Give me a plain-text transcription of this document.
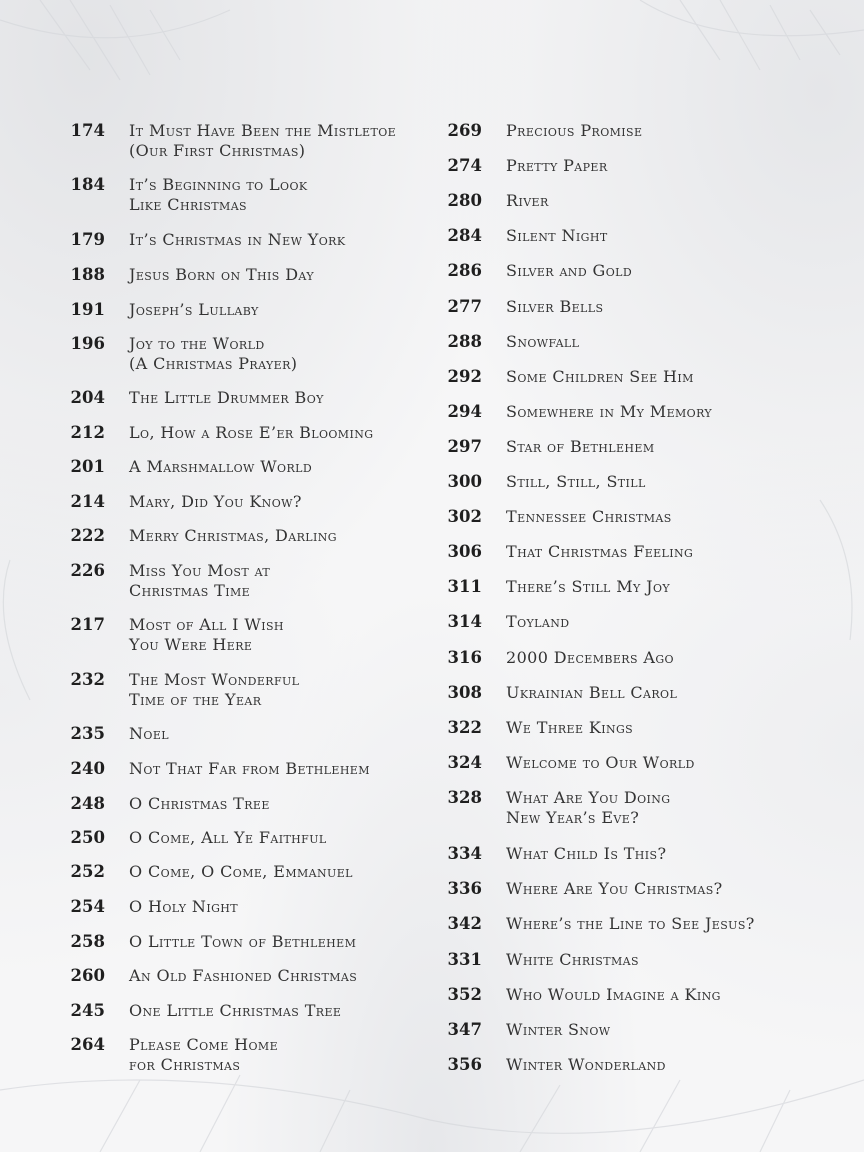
174 It Must Have Been the Mistletoe
(Our First Christmas)
184 It’s Beginning to Look
Like Christmas
179 It’s Christmas in New York
188 Jesus Born on This Day
191 Joseph’s Lullaby
196 Joy to the World
(A Christmas Prayer)
204 The Little Drummer Boy
212 Lo, How a Rose E’er Blooming
201 A Marshmallow World
214 Mary, Did You Know?
222 Merry Christmas, Darling
226 Miss You Most at
Christmas Time
217 Most of All I Wish
You Were Here
232 The Most Wonderful
Time of the Year
235 Noel
240 Not That Far from Bethlehem
248 O Christmas Tree
250 O Come, All Ye Faithful
252 O Come, O Come, Emmanuel
254 O Holy Night
258 O Little Town of Bethlehem
260 An Old Fashioned Christmas
245 One Little Christmas Tree
264 Please Come Home
for Christmas
269 Precious Promise
274 Pretty Paper
280 River
284 Silent Night
286 Silver and Gold
277 Silver Bells
288 Snowfall
292 Some Children See Him
294 Somewhere in My Memory
297 Star of Bethlehem
300 Still, Still, Still
302 Tennessee Christmas
306 That Christmas Feeling
311 There’s Still My Joy
314 Toyland
316 2000 Decembers Ago
308 Ukrainian Bell Carol
322 We Three Kings
324 Welcome to Our World
328 What Are You Doing
New Year’s Eve?
334 What Child Is This?
336 Where Are You Christmas?
342 Where’s the Line to See Jesus?
331 White Christmas
352 Who Would Imagine a King
347 Winter Snow
356 Winter Wonderland
